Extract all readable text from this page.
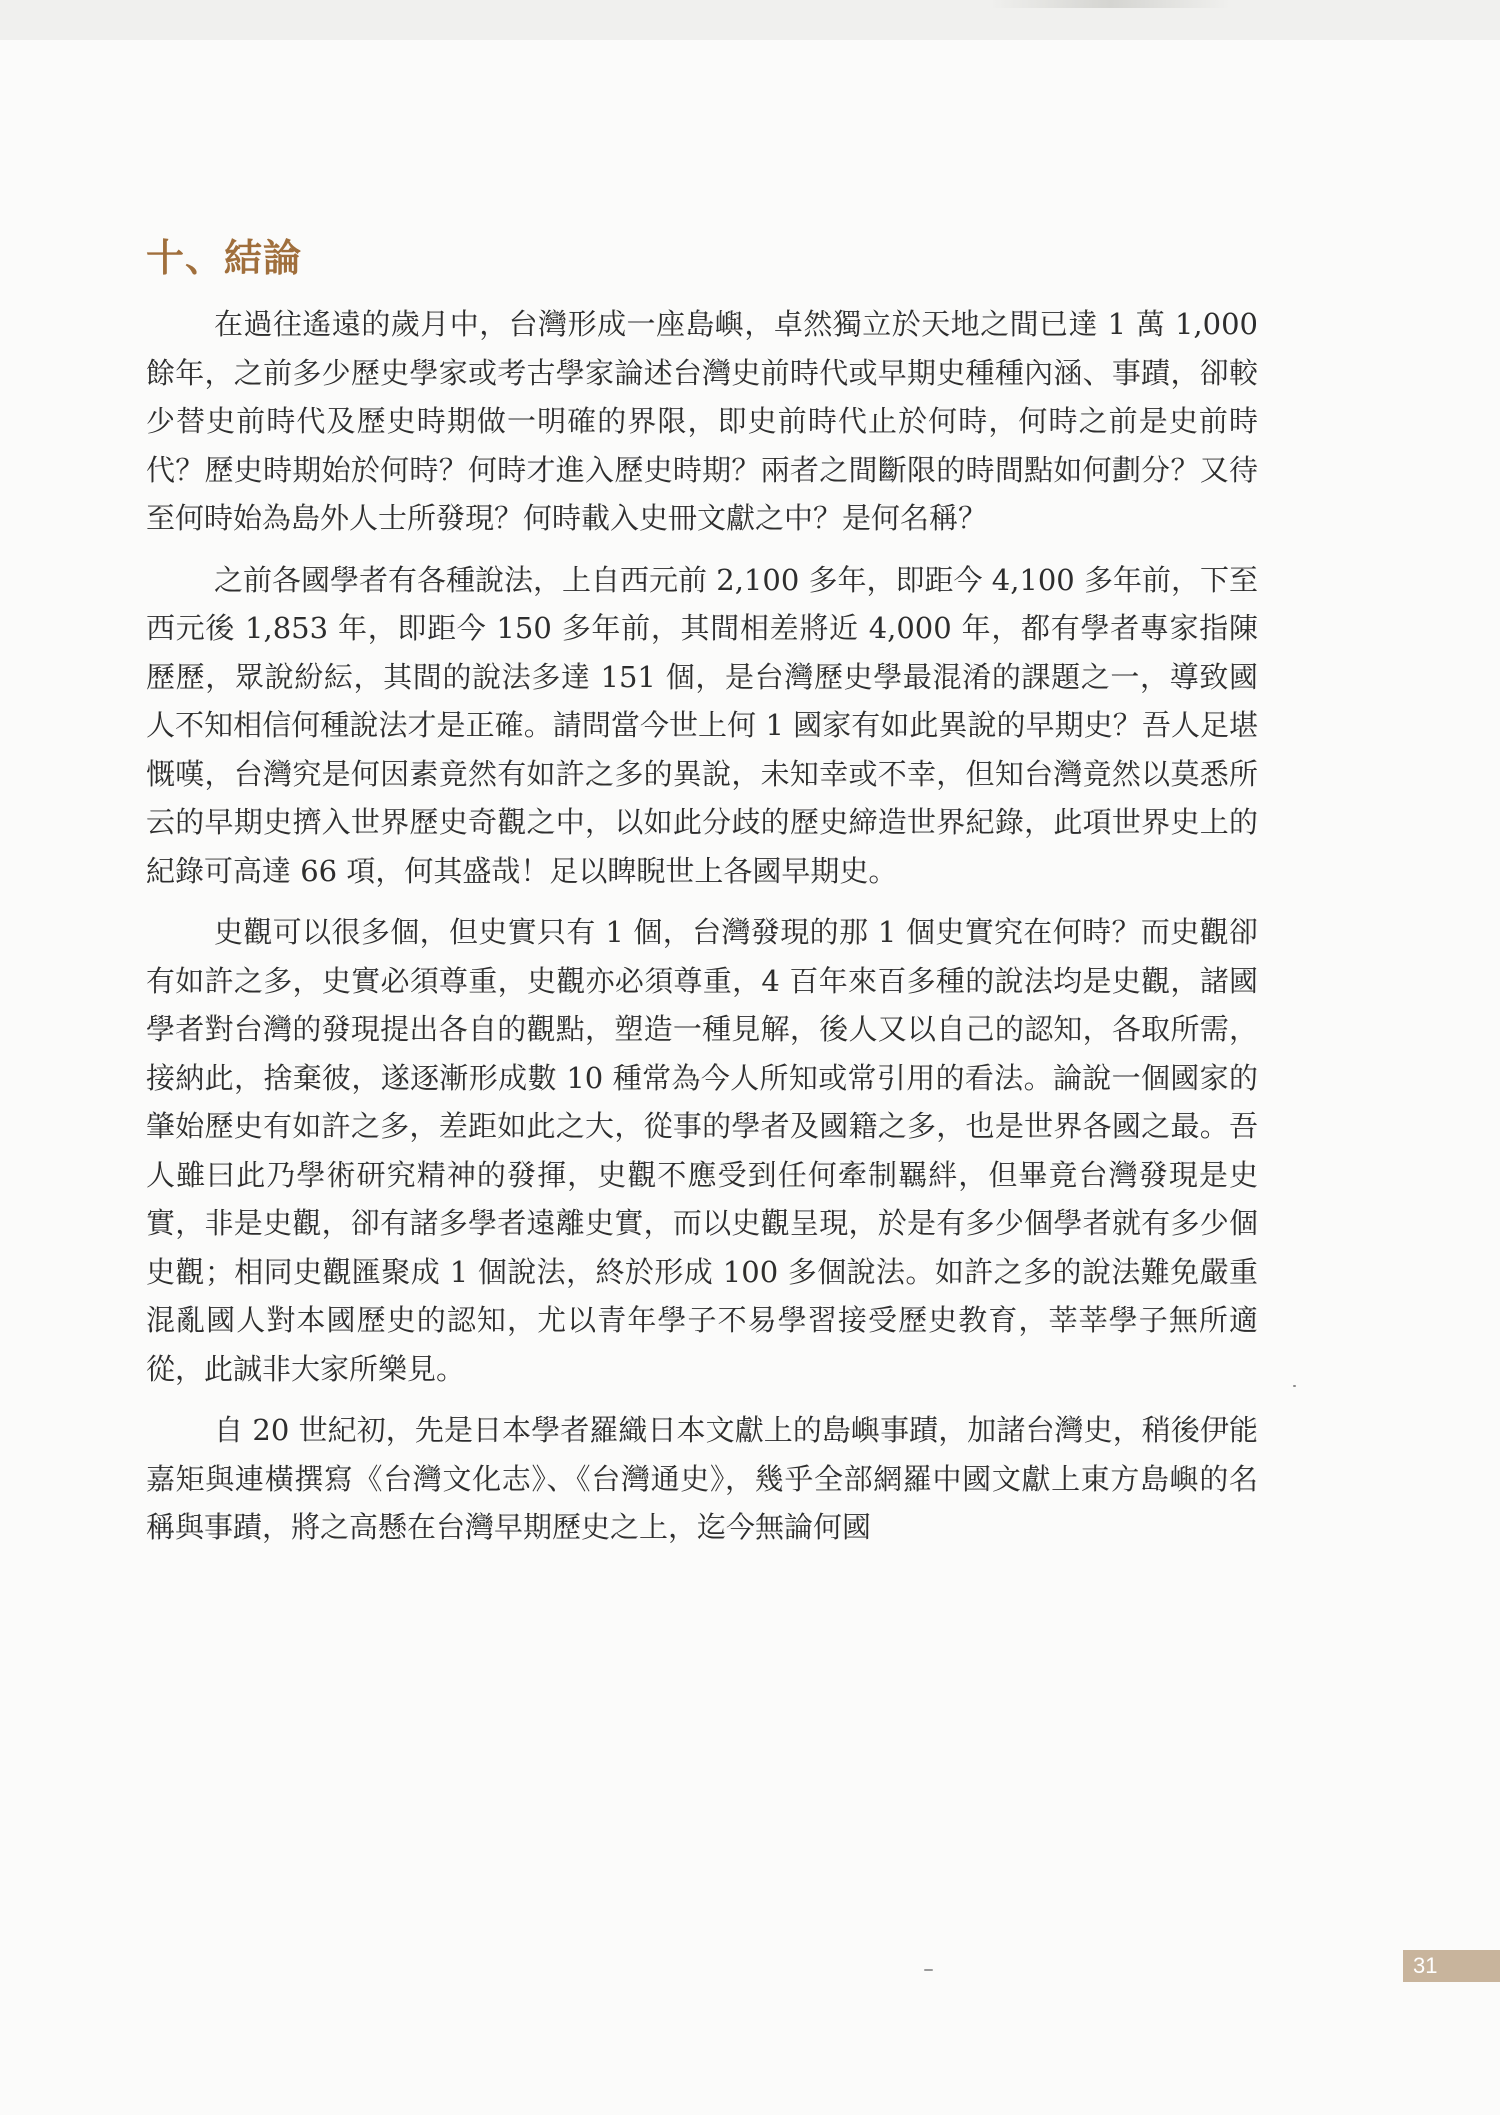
十、結論

在過往遙遠的歲月中，台灣形成一座島嶼，卓然獨立於天地之間已達 1 萬 1,000 餘年，之前多少歷史學家或考古學家論述台灣史前時代或早期史種種內涵、事蹟，卻較少替史前時代及歷史時期做一明確的界限，即史前時代止於何時，何時之前是史前時代？歷史時期始於何時？何時才進入歷史時期？兩者之間斷限的時間點如何劃分？又待至何時始為島外人士所發現？何時載入史冊文獻之中？是何名稱？

之前各國學者有各種說法，上自西元前 2,100 多年，即距今 4,100 多年前，下至西元後 1,853 年，即距今 150 多年前，其間相差將近 4,000 年，都有學者專家指陳歷歷，眾說紛紜，其間的說法多達 151 個，是台灣歷史學最混淆的課題之一，導致國人不知相信何種說法才是正確。請問當今世上何 1 國家有如此異說的早期史？吾人足堪慨嘆，台灣究是何因素竟然有如許之多的異說，未知幸或不幸，但知台灣竟然以莫悉所云的早期史擠入世界歷史奇觀之中，以如此分歧的歷史締造世界紀錄，此項世界史上的紀錄可高達 66 項，何其盛哉！足以睥睨世上各國早期史。

史觀可以很多個，但史實只有 1 個，台灣發現的那 1 個史實究在何時？而史觀卻有如許之多，史實必須尊重，史觀亦必須尊重，4 百年來百多種的說法均是史觀，諸國學者對台灣的發現提出各自的觀點，塑造一種見解，後人又以自己的認知，各取所需，接納此，捨棄彼，遂逐漸形成數 10 種常為今人所知或常引用的看法。論說一個國家的肇始歷史有如許之多，差距如此之大，從事的學者及國籍之多，也是世界各國之最。吾人雖曰此乃學術研究精神的發揮，史觀不應受到任何牽制羈絆，但畢竟台灣發現是史實，非是史觀，卻有諸多學者遠離史實，而以史觀呈現，於是有多少個學者就有多少個史觀；相同史觀匯聚成 1 個說法，終於形成 100 多個說法。如許之多的說法難免嚴重混亂國人對本國歷史的認知，尤以青年學子不易學習接受歷史教育，莘莘學子無所適從，此誠非大家所樂見。

自 20 世紀初，先是日本學者羅織日本文獻上的島嶼事蹟，加諸台灣史，稍後伊能嘉矩與連橫撰寫《台灣文化志》、《台灣通史》，幾乎全部網羅中國文獻上東方島嶼的名稱與事蹟，將之高懸在台灣早期歷史之上，迄今無論何國

31
